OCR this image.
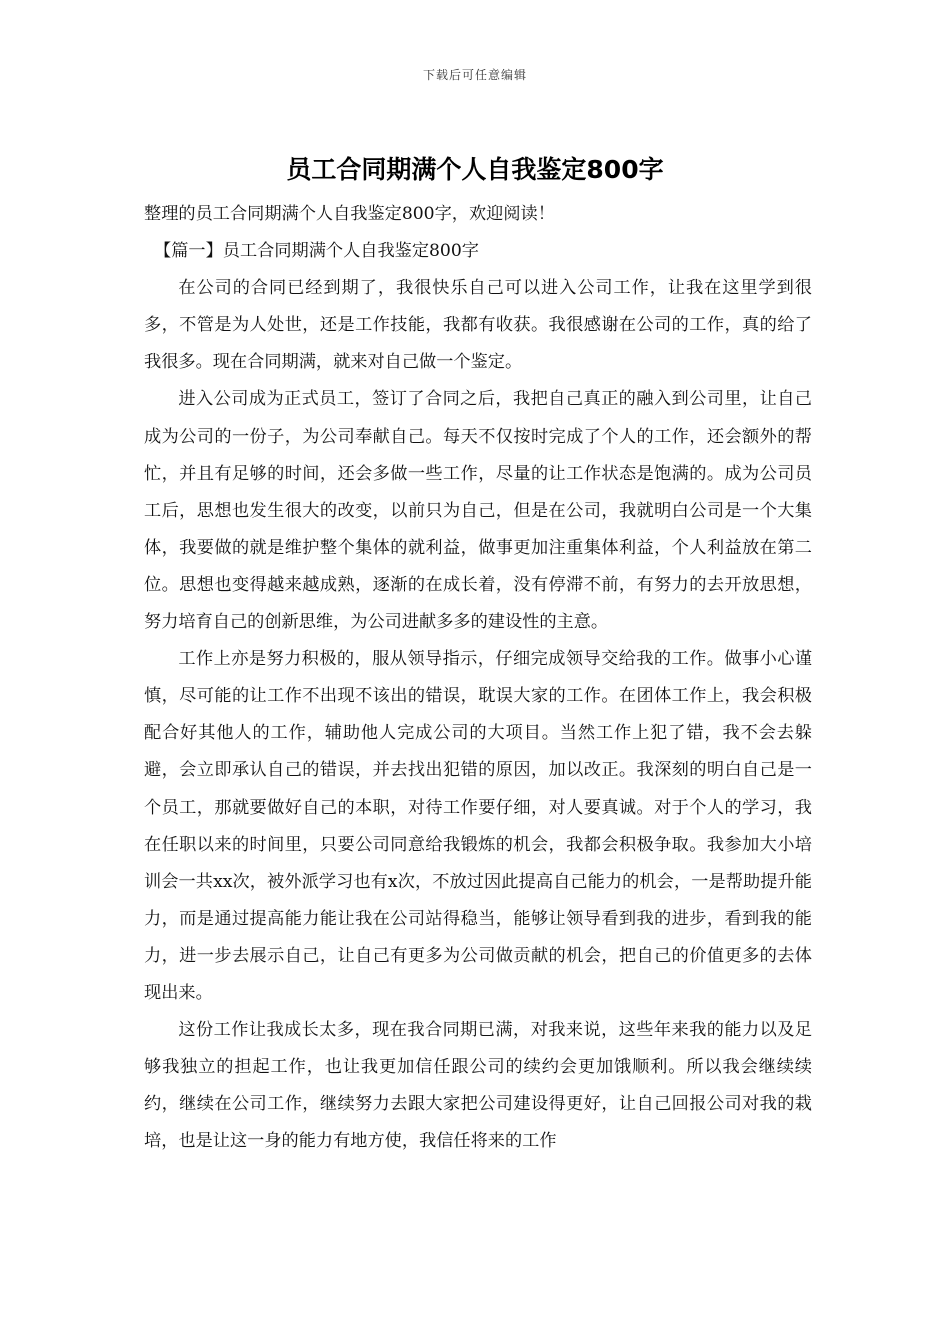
下载后可任意编辑
员工合同期满个人自我鉴定800字

整理的员工合同期满个人自我鉴定800字，欢迎阅读！

【篇一】员工合同期满个人自我鉴定800字

在公司的合同已经到期了，我很快乐自己可以进入公司工作，让我在这里学到很多，不管是为人处世，还是工作技能，我都有收获。我很感谢在公司的工作，真的给了我很多。现在合同期满，就来对自己做一个鉴定。

进入公司成为正式员工，签订了合同之后，我把自己真正的融入到公司里，让自己成为公司的一份子，为公司奉献自己。每天不仅按时完成了个人的工作，还会额外的帮忙，并且有足够的时间，还会多做一些工作，尽量的让工作状态是饱满的。成为公司员工后，思想也发生很大的改变，以前只为自己，但是在公司，我就明白公司是一个大集体，我要做的就是维护整个集体的就利益，做事更加注重集体利益，个人利益放在第二位。思想也变得越来越成熟，逐渐的在成长着，没有停滞不前，有努力的去开放思想，努力培育自己的创新思维，为公司进献多多的建设性的主意。

工作上亦是努力积极的，服从领导指示，仔细完成领导交给我的工作。做事小心谨慎，尽可能的让工作不出现不该出的错误，耽误大家的工作。在团体工作上，我会积极配合好其他人的工作，辅助他人完成公司的大项目。当然工作上犯了错，我不会去躲避，会立即承认自己的错误，并去找出犯错的原因，加以改正。我深刻的明白自己是一个员工，那就要做好自己的本职，对待工作要仔细，对人要真诚。对于个人的学习，我在任职以来的时间里，只要公司同意给我锻炼的机会，我都会积极争取。我参加大小培训会一共xx次，被外派学习也有x次，不放过因此提高自己能力的机会，一是帮助提升能力，而是通过提高能力能让我在公司站得稳当，能够让领导看到我的进步，看到我的能力，进一步去展示自己，让自己有更多为公司做贡献的机会，把自己的价值更多的去体现出来。

这份工作让我成长太多，现在我合同期已满，对我来说，这些年来我的能力以及足够我独立的担起工作，也让我更加信任跟公司的续约会更加饿顺利。所以我会继续续约，继续在公司工作，继续努力去跟大家把公司建设得更好，让自己回报公司对我的栽培，也是让这一身的能力有地方使，我信任将来的工作
